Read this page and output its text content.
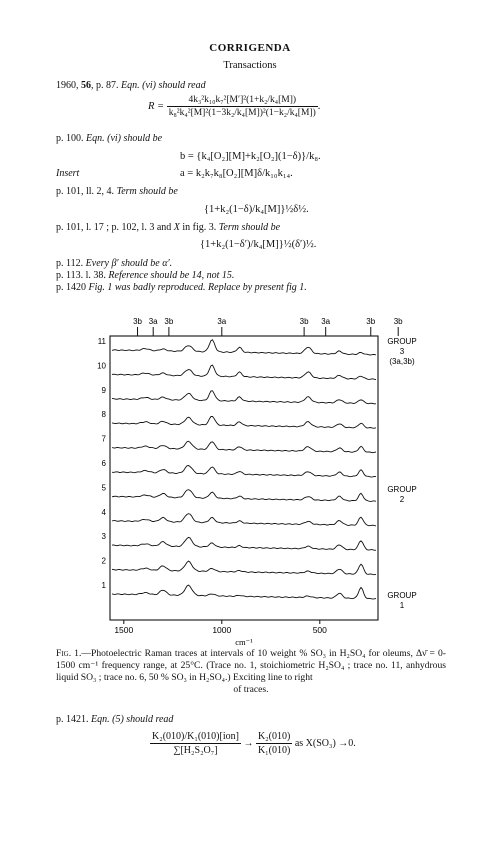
CORRIGENDA
Transactions
1960, 56, p. 87. Eqn. (vi) should read
$R = \frac{\text{4k₃²k₁₀k₇²[M′]²(1+k₂/k₄[M])}}{\text{k₈²k₄²[M]²(1−3k₂/k₄[M])²(1−k₂/k₄[M])}}$ .
p. 100. Eqn. (vi) should be
b = {k₄[O₂][M]+k₂[O₂](1−δ)}/k₈.
Insert	a = k₂k₇k₈[O₂][M]δ/k₁₀k₁₄.
p. 101, ll. 2, 4. Term should be
{1+k₂(1−δ)/k₄[M]}½δ½.
p. 101, l. 17 ; p. 102, l. 3 and X in fig. 3. Term should be
{1+k₂(1−δ′)/k₄[M]}½(δ′)½.
p. 112. Every β′ should be α′.
p. 113. l. 38. Reference should be 14, not 15.
p. 1420 Fig. 1 was badly reproduced. Replace by present fig 1.
3b 3a 3b	3a	3b 3a	3b 3b
11
10
9
8
7
6
5
4
3
2
1
GROUP
3
(3a,3b)
GROUP
2
GROUP
1
1500	1000	500
cm⁻¹
Fig. 1.—Photoelectric Raman traces at intervals of 10 weight % SO₃ in H₂SO₄ for oleums, Δν̄ = 0-1500 cm⁻¹ frequency range, at 25°C. (Trace no. 1, stoichiometric H₂SO₄ ; trace no. 11, anhydrous liquid SO₃ ; trace no. 6, 50 % SO₃ in H₂SO₄.) Exciting line to right
of traces.
p. 1421. Eqn. (5) should read
$\frac{\text{K₂(010)/K₁(010)[ion]}}{\text{∑[H₂S₂O₇]}} \to \frac{\text{K₂(010)}}{\text{K₁(010)}}$ as X(SO₃) →0.
